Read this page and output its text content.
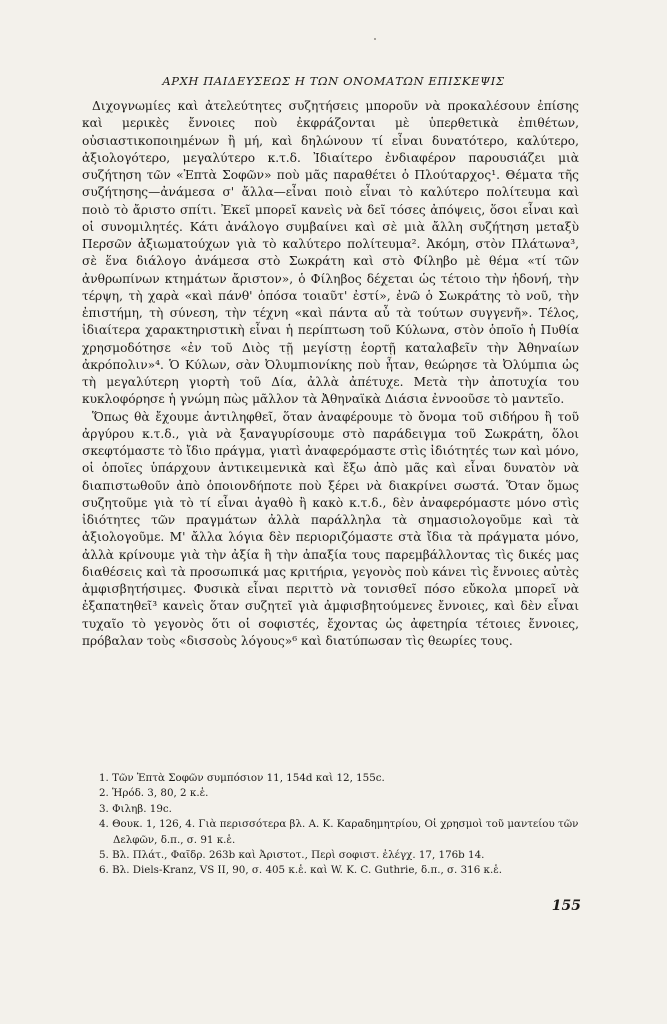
ΑΡΧΗ ΠΑΙΔΕΥΣΕΩΣ Η ΤΩΝ ΟΝΟΜΑΤΩΝ ΕΠΙΣΚΕΨΙΣ

Διχογνωμίες καὶ ἀτελεύτητες συζητήσεις μποροῦν νὰ προκαλέσουν ἐπίσης καὶ μερικὲς ἔννοιες ποὺ ἐκφράζονται μὲ ὑπερθετικὰ ἐπιθέτων, οὐσιαστικοποιημένων ἢ μή, καὶ δηλώνουν τί εἶναι δυνατότερο, καλύτερο, ἀξιολογότερο, μεγαλύτερο κ.τ.δ. Ἰδιαίτερο ἐνδιαφέρον παρουσιάζει μιὰ συζήτηση τῶν «Ἑπτὰ Σοφῶν» ποὺ μᾶς παραθέτει ὁ Πλούταρχος¹. Θέματα τῆς συζήτησης—ἀνάμεσα σ' ἄλλα—εἶναι ποιὸ εἶναι τὸ καλύτερο πολίτευμα καὶ ποιὸ τὸ ἄριστο σπίτι. Ἐκεῖ μπορεῖ κανεὶς νὰ δεῖ τόσες ἀπόψεις, ὅσοι εἶναι καὶ οἱ συνομιλητές. Κάτι ἀνάλογο συμβαίνει καὶ σὲ μιὰ ἄλλη συζήτηση μεταξὺ Περσῶν ἀξιωματούχων γιὰ τὸ καλύτερο πολίτευμα². Ἀκόμη, στὸν Πλάτωνα³, σὲ ἕνα διάλογο ἀνάμεσα στὸ Σωκράτη καὶ στὸ Φίληβο μὲ θέμα «τί τῶν ἀνθρωπίνων κτημάτων ἄριστον», ὁ Φίληβος δέχεται ὡς τέτοιο τὴν ἡδονή, τὴν τέρψη, τὴ χαρὰ «καὶ πάνθ' ὁπόσα τοιαῦτ' ἐστί», ἐνῶ ὁ Σωκράτης τὸ νοῦ, τὴν ἐπιστήμη, τὴ σύνεση, τὴν τέχνη «καὶ πάντα αὖ τὰ τούτων συγγενῆ». Τέλος, ἰδιαίτερα χαρακτηριστικὴ εἶναι ἡ περίπτωση τοῦ Κύλωνα, στὸν ὁποῖο ἡ Πυθία χρησμοδότησε «ἐν τοῦ Διὸς τῇ μεγίστῃ ἑορτῇ καταλαβεῖν τὴν Ἀθηναίων ἀκρόπολιν»⁴. Ὁ Κύλων, σὰν Ὀλυμπιονίκης ποὺ ἦταν, θεώρησε τὰ Ὀλύμπια ὡς τὴ μεγαλύτερη γιορτὴ τοῦ Δία, ἀλλὰ ἀπέτυχε. Μετὰ τὴν ἀποτυχία του κυκλοφόρησε ἡ γνώμη πὼς μᾶλλον τὰ Ἀθηναϊκὰ Διάσια ἐννοοῦσε τὸ μαντεῖο.

Ὅπως θὰ ἔχουμε ἀντιληφθεῖ, ὅταν ἀναφέρουμε τὸ ὄνομα τοῦ σιδήρου ἢ τοῦ ἀργύρου κ.τ.δ., γιὰ νὰ ξαναγυρίσουμε στὸ παράδειγμα τοῦ Σωκράτη, ὅλοι σκεφτόμαστε τὸ ἴδιο πράγμα, γιατὶ ἀναφερόμαστε στὶς ἰδιότητές των καὶ μόνο, οἱ ὁποῖες ὑπάρχουν ἀντικειμενικὰ καὶ ἔξω ἀπὸ μᾶς καὶ εἶναι δυνατὸν νὰ διαπιστωθοῦν ἀπὸ ὁποιονδήποτε ποὺ ξέρει νὰ διακρίνει σωστά. Ὅταν ὅμως συζητοῦμε γιὰ τὸ τί εἶναι ἀγαθὸ ἢ κακὸ κ.τ.δ., δὲν ἀναφερόμαστε μόνο στὶς ἰδιότητες τῶν πραγμάτων ἀλλὰ παράλληλα τὰ σημασιολογοῦμε καὶ τὰ ἀξιολογοῦμε. Μ' ἄλλα λόγια δὲν περιοριζόμαστε στὰ ἴδια τὰ πράγματα μόνο, ἀλλὰ κρίνουμε γιὰ τὴν ἀξία ἢ τὴν ἀπαξία τους παρεμβάλλοντας τὶς δικές μας διαθέσεις καὶ τὰ προσωπικά μας κριτήρια, γεγονὸς ποὺ κάνει τὶς ἔννοιες αὐτὲς ἀμφισβητήσιμες. Φυσικὰ εἶναι περιττὸ νὰ τονισθεῖ πόσο εὔκολα μπορεῖ νὰ ἐξαπατηθεῖ³ κανεὶς ὅταν συζητεῖ γιὰ ἀμφισβητούμενες ἔννοιες, καὶ δὲν εἶναι τυχαῖο τὸ γεγονὸς ὅτι οἱ σοφιστές, ἔχοντας ὡς ἀφετηρία τέτοιες ἔννοιες, πρόβαλαν τοὺς «δισσοὺς λόγους»⁶ καὶ διατύπωσαν τὶς θεωρίες τους.

1. Τῶν Ἑπτὰ Σοφῶν συμπόσιον 11, 154d καὶ 12, 155c.

2. Ἡρόδ. 3, 80, 2 κ.ἑ.

3. Φιληβ. 19c.

4. Θουκ. 1, 126, 4. Γιὰ περισσότερα βλ. Α. Κ. Καραδημητρίου, Οἱ χρησμοὶ τοῦ μαντείου τῶν Δελφῶν, δ.π., σ. 91 κ.ἑ.

5. Βλ. Πλάτ., Φαῖδρ. 263b καὶ Ἀριστοτ., Περὶ σοφιστ. ἐλέγχ. 17, 176b 14.

6. Βλ. Diels-Kranz, VS II, 90, σ. 405 κ.ἑ. καὶ W. K. C. Guthrie, δ.π., σ. 316 κ.ἑ.

155
